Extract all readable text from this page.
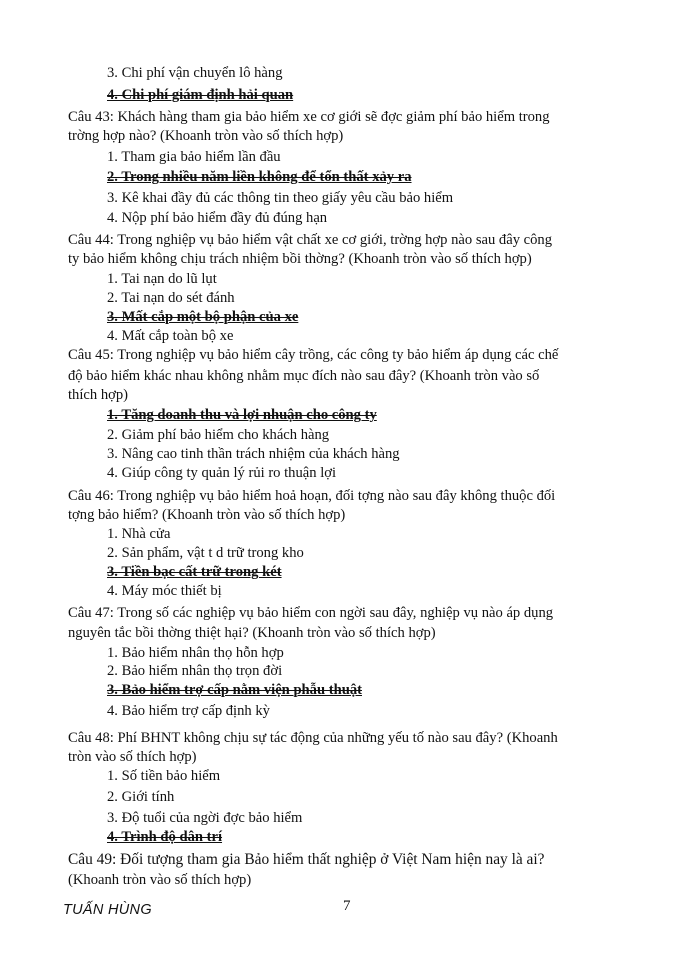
3. Chi phí vận chuyển lô hàng
4. Chi phí giám định hải quan
Câu 43: Khách hàng tham gia bảo hiểm xe cơ giới sẽ đợc giảm phí bảo hiểm trong
trờng hợp nào? (Khoanh tròn vào số thích hợp)
1. Tham gia bảo hiểm lần đầu
2. Trong nhiều năm liền không để tổn thất xảy ra
3. Kê khai đầy đủ các thông tin theo giấy yêu cầu bảo hiểm
4. Nộp phí bảo hiểm đầy đủ đúng hạn
Câu 44: Trong nghiệp vụ bảo hiểm vật chất xe cơ giới, trờng hợp nào sau đây công
ty bảo hiểm không chịu trách nhiệm bồi thờng? (Khoanh tròn vào số thích hợp)
1. Tai nạn do lũ lụt
2. Tai nạn do sét đánh
3. Mất cắp một bộ phận của xe
4. Mất cắp toàn bộ xe
Câu 45: Trong nghiệp vụ bảo hiểm cây trồng, các công ty bảo hiểm áp dụng các chế
độ bảo hiểm khác nhau không nhằm mục đích nào sau đây? (Khoanh tròn vào số
thích hợp)
1. Tăng doanh thu và lợi nhuận cho công ty
2. Giảm phí bảo hiểm cho khách hàng
3. Nâng cao tinh thần trách nhiệm của khách hàng
4. Giúp công ty quản lý rủi ro thuận lợi
Câu 46: Trong nghiệp vụ bảo hiểm hoả hoạn, đối tợng nào sau đây không thuộc đối
tợng bảo hiểm? (Khoanh tròn vào số thích hợp)
1. Nhà cửa
2. Sản phẩm, vật t d trữ trong kho
3. Tiền bạc cất trữ trong két
4. Máy móc thiết bị
Câu 47: Trong số các nghiệp vụ bảo hiểm con ngời sau đây, nghiệp vụ nào áp dụng
nguyên tắc bồi thờng thiệt hại? (Khoanh tròn vào số thích hợp)
1. Bảo hiểm nhân thọ hỗn hợp
2. Bảo hiểm nhân thọ trọn đời
3. Bảo hiểm trợ cấp nằm viện phẫu thuật
4. Bảo hiểm trợ cấp định kỳ
Câu 48: Phí BHNT không chịu sự tác động của những yếu tố nào sau đây? (Khoanh
tròn vào số thích hợp)
1. Số tiền bảo hiểm
2. Giới tính
3. Độ tuổi của ngời đợc bảo hiểm
4. Trình độ dân trí
Câu 49: Đối tượng tham gia Bảo hiểm thất nghiệp ở Việt Nam hiện nay là ai?
(Khoanh tròn vào số thích hợp)
TUẤN HÙNG	7
